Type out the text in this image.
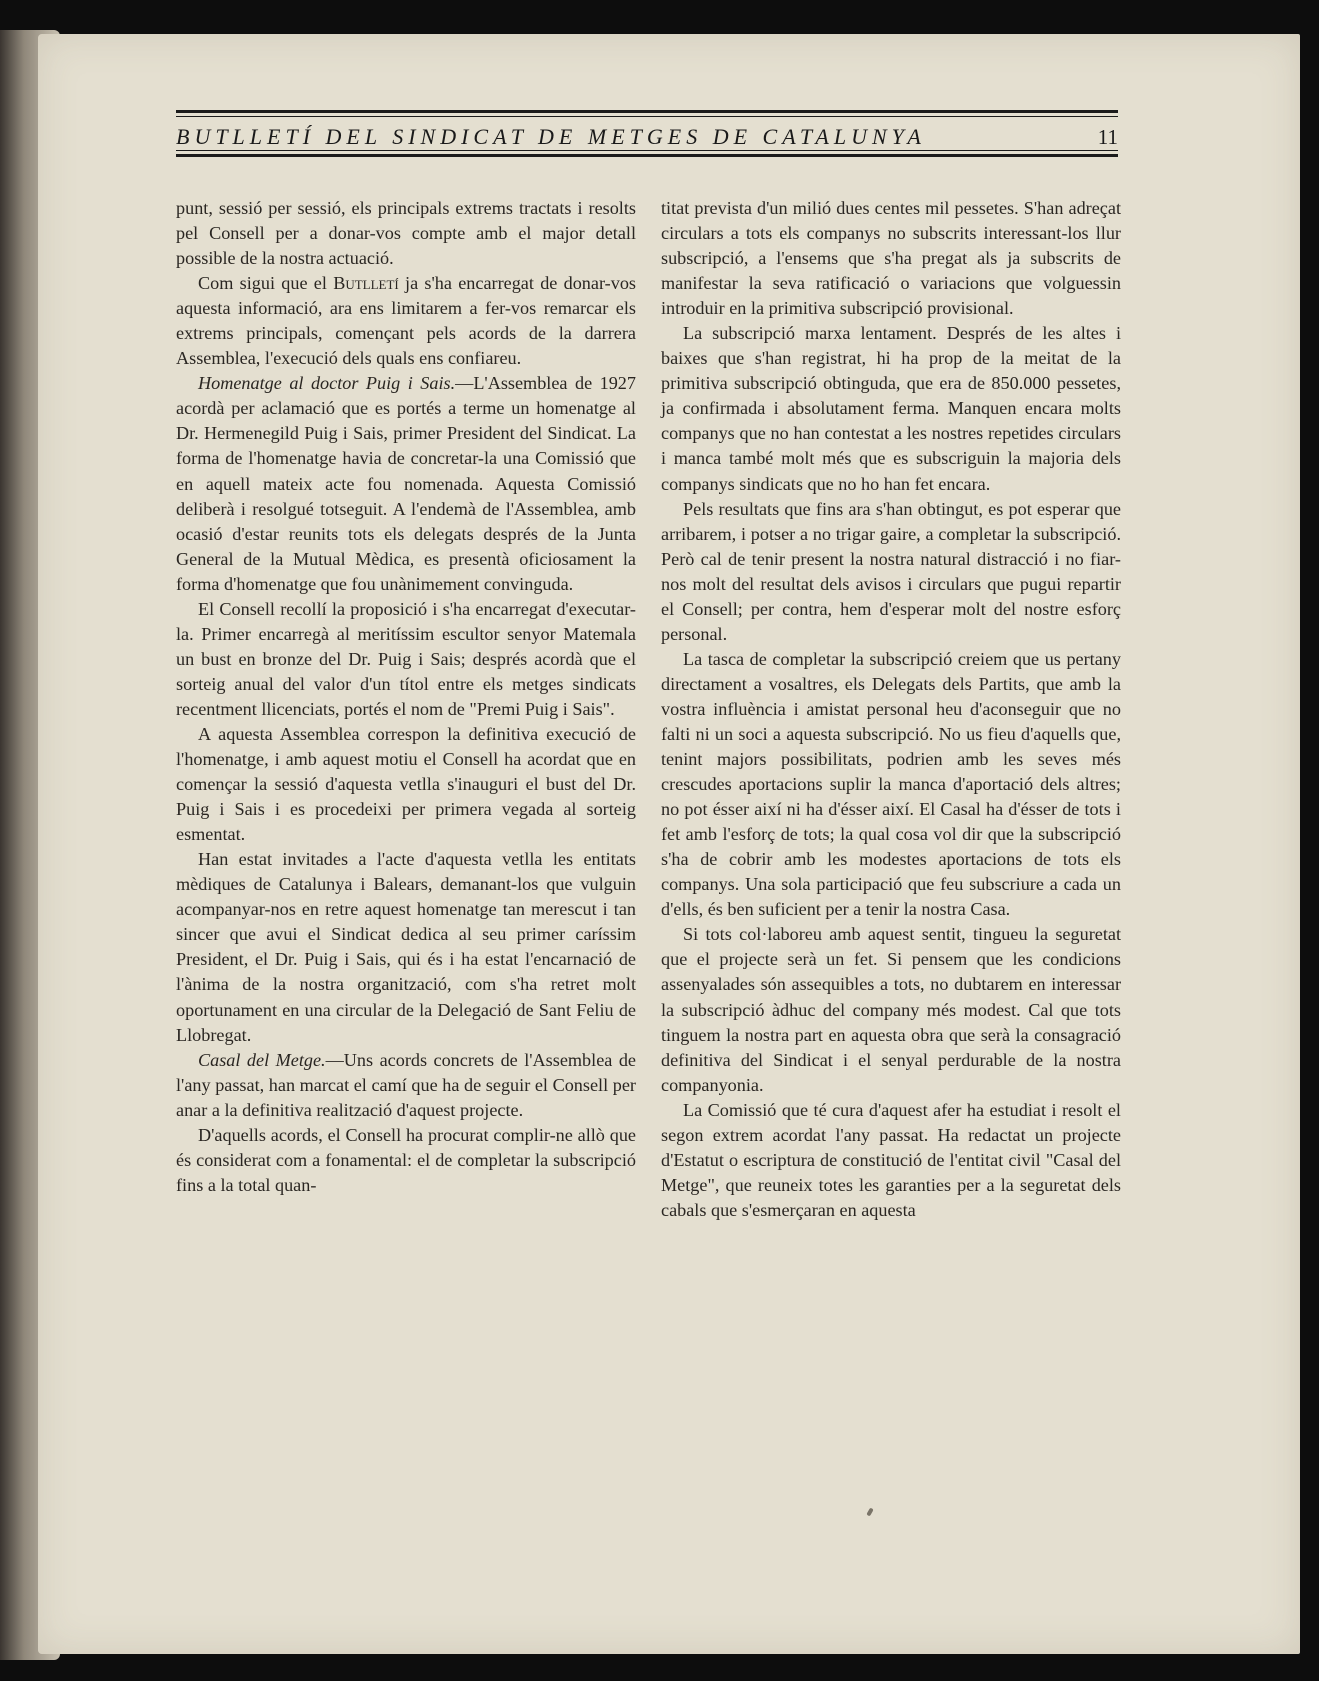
BUTLLETÍ DEL SINDICAT DE METGES DE CATALUNYA	11

punt, sessió per sessió, els principals extrems tractats i resolts pel Consell per a donar-vos compte amb el major detall possible de la nostra actuació.

Com sigui que el Butlletí ja s'ha encarregat de donar-vos aquesta informació, ara ens limitarem a fer-vos remarcar els extrems principals, començant pels acords de la darrera Assemblea, l'execució dels quals ens confiareu.

Homenatge al doctor Puig i Sais.—L'Assemblea de 1927 acordà per aclamació que es portés a terme un homenatge al Dr. Hermenegild Puig i Sais, primer President del Sindicat. La forma de l'homenatge havia de concretar-la una Comissió que en aquell mateix acte fou nomenada. Aquesta Comissió deliberà i resolgué totseguit. A l'endemà de l'Assemblea, amb ocasió d'estar reunits tots els delegats després de la Junta General de la Mutual Mèdica, es presentà oficiosament la forma d'homenatge que fou unànimement convinguda.

El Consell recollí la proposició i s'ha encarregat d'executar-la. Primer encarregà al meritíssim escultor senyor Matemala un bust en bronze del Dr. Puig i Sais; després acordà que el sorteig anual del valor d'un títol entre els metges sindicats recentment llicenciats, portés el nom de "Premi Puig i Sais".

A aquesta Assemblea correspon la definitiva execució de l'homenatge, i amb aquest motiu el Consell ha acordat que en començar la sessió d'aquesta vetlla s'inauguri el bust del Dr. Puig i Sais i es procedeixi per primera vegada al sorteig esmentat.

Han estat invitades a l'acte d'aquesta vetlla les entitats mèdiques de Catalunya i Balears, demanant-los que vulguin acompanyar-nos en retre aquest homenatge tan merescut i tan sincer que avui el Sindicat dedica al seu primer caríssim President, el Dr. Puig i Sais, qui és i ha estat l'encarnació de l'ànima de la nostra organització, com s'ha retret molt oportunament en una circular de la Delegació de Sant Feliu de Llobregat.

Casal del Metge.—Uns acords concrets de l'Assemblea de l'any passat, han marcat el camí que ha de seguir el Consell per anar a la definitiva realització d'aquest projecte.

D'aquells acords, el Consell ha procurat complir-ne allò que és considerat com a fonamental: el de completar la subscripció fins a la total quan-

titat prevista d'un milió dues centes mil pessetes. S'han adreçat circulars a tots els companys no subscrits interessant-los llur subscripció, a l'ensems que s'ha pregat als ja subscrits de manifestar la seva ratificació o variacions que volguessin introduir en la primitiva subscripció provisional.

La subscripció marxa lentament. Després de les altes i baixes que s'han registrat, hi ha prop de la meitat de la primitiva subscripció obtinguda, que era de 850.000 pessetes, ja confirmada i absolutament ferma. Manquen encara molts companys que no han contestat a les nostres repetides circulars i manca també molt més que es subscriguin la majoria dels companys sindicats que no ho han fet encara.

Pels resultats que fins ara s'han obtingut, es pot esperar que arribarem, i potser a no trigar gaire, a completar la subscripció. Però cal de tenir present la nostra natural distracció i no fiar-nos molt del resultat dels avisos i circulars que pugui repartir el Consell; per contra, hem d'esperar molt del nostre esforç personal.

La tasca de completar la subscripció creiem que us pertany directament a vosaltres, els Delegats dels Partits, que amb la vostra influència i amistat personal heu d'aconseguir que no falti ni un soci a aquesta subscripció. No us fieu d'aquells que, tenint majors possibilitats, podrien amb les seves més crescudes aportacions suplir la manca d'aportació dels altres; no pot ésser així ni ha d'ésser així. El Casal ha d'ésser de tots i fet amb l'esforç de tots; la qual cosa vol dir que la subscripció s'ha de cobrir amb les modestes aportacions de tots els companys. Una sola participació que feu subscriure a cada un d'ells, és ben suficient per a tenir la nostra Casa.

Si tots col·laboreu amb aquest sentit, tingueu la seguretat que el projecte serà un fet. Si pensem que les condicions assenyalades són assequibles a tots, no dubtarem en interessar la subscripció àdhuc del company més modest. Cal que tots tinguem la nostra part en aquesta obra que serà la consagració definitiva del Sindicat i el senyal perdurable de la nostra companyonia.

La Comissió que té cura d'aquest afer ha estudiat i resolt el segon extrem acordat l'any passat. Ha redactat un projecte d'Estatut o escriptura de constitució de l'entitat civil "Casal del Metge", que reuneix totes les garanties per a la seguretat dels cabals que s'esmerçaran en aquesta
